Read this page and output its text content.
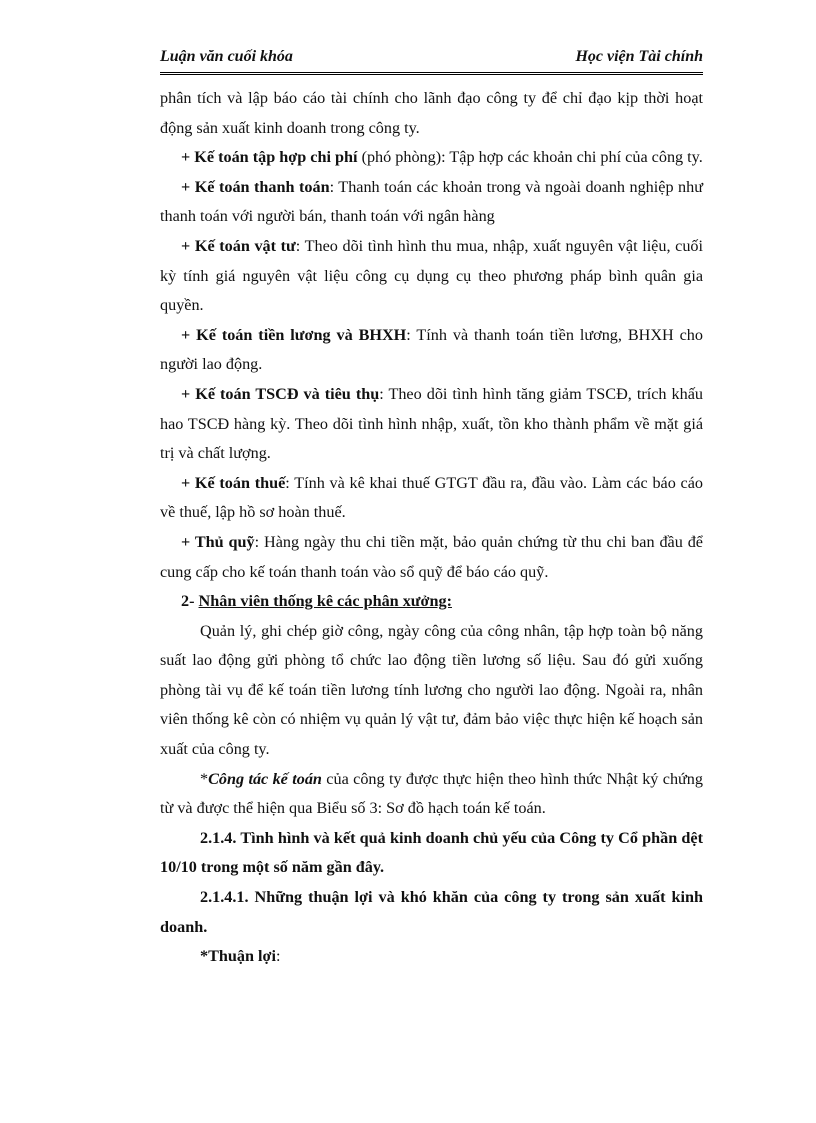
Luận văn cuối khóa	Học viện Tài chính

phân tích và lập báo cáo tài chính cho lãnh đạo công ty để chỉ đạo kịp thời hoạt động sản xuất kinh doanh trong công ty.

+ Kế toán tập hợp chi phí (phó phòng): Tập hợp các khoản chi phí của công ty.

+ Kế toán thanh toán: Thanh toán các khoản trong và ngoài doanh nghiệp như thanh toán với người bán, thanh toán với ngân hàng

+ Kế toán vật tư: Theo dõi tình hình thu mua, nhập, xuất nguyên vật liệu, cuối kỳ tính giá nguyên vật liệu công cụ dụng cụ theo phương pháp bình quân gia quyền.

+ Kế toán tiền lương và BHXH: Tính và thanh toán tiền lương, BHXH cho người lao động.

+ Kế toán TSCĐ và tiêu thụ: Theo dõi tình hình tăng giảm TSCĐ, trích khấu hao TSCĐ hàng kỳ. Theo dõi tình hình nhập, xuất, tồn kho thành phẩm về mặt giá trị và chất lượng.

+ Kế toán thuế: Tính và kê khai thuế GTGT đầu ra, đầu vào. Làm các báo cáo về thuế, lập hồ sơ hoàn thuế.

+ Thủ quỹ: Hàng ngày thu chi tiền mặt, bảo quản chứng từ thu chi ban đầu để cung cấp cho kế toán thanh toán vào sổ quỹ để báo cáo quỹ.

2- Nhân viên thống kê các phân xưởng:

Quản lý, ghi chép giờ công, ngày công của công nhân, tập hợp toàn bộ năng suất lao động gửi phòng tổ chức lao động tiền lương số liệu. Sau đó gửi xuống phòng tài vụ để kế toán tiền lương tính lương cho người lao động. Ngoài ra, nhân viên thống kê còn có nhiệm vụ quản lý vật tư, đảm bảo việc thực hiện kế hoạch sản xuất của công ty.

*Công tác kế toán của công ty được thực hiện theo hình thức Nhật ký chứng từ và được thể hiện qua Biểu số 3: Sơ đồ hạch toán kế toán.

2.1.4. Tình hình và kết quả kinh doanh chủ yếu của Công ty Cổ phần dệt 10/10 trong một số năm gần đây.

2.1.4.1. Những thuận lợi và khó khăn của công ty trong sản xuất kinh doanh.

*Thuận lợi:
